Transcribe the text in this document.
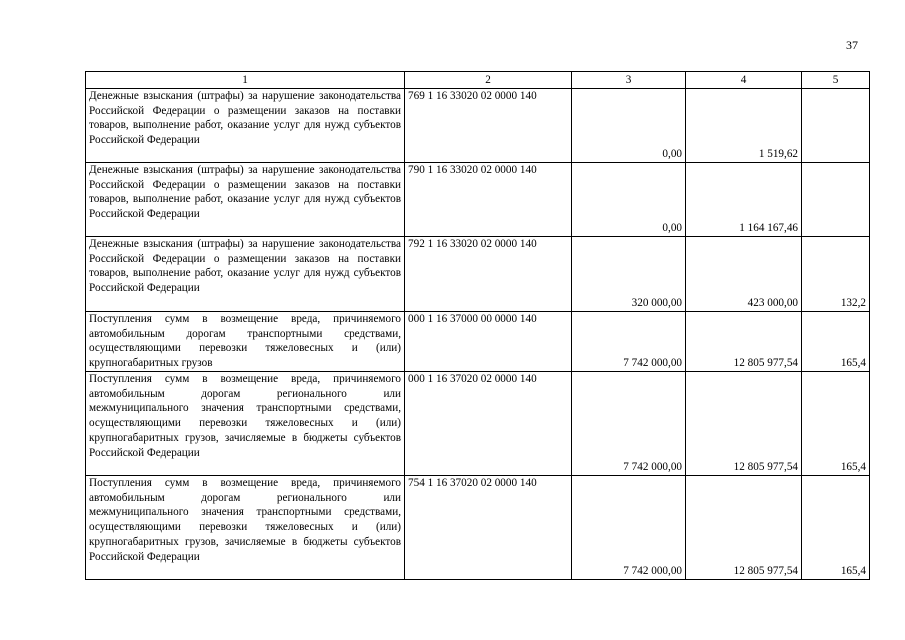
37
1	2	3	4	5
Денежные взыскания (штрафы) за нарушение законодательства Российской Федерации о размещении заказов на поставки товаров, выполнение работ, оказание услуг для нужд субъектов Российской Федерации	769 1 16 33020 02 0000 140	0,00	1 519,62	
Денежные взыскания (штрафы) за нарушение законодательства Российской Федерации о размещении заказов на поставки товаров, выполнение работ, оказание услуг для нужд субъектов Российской Федерации	790 1 16 33020 02 0000 140	0,00	1 164 167,46	
Денежные взыскания (штрафы) за нарушение законодательства Российской Федерации о размещении заказов на поставки товаров, выполнение работ, оказание услуг для нужд субъектов Российской Федерации	792 1 16 33020 02 0000 140	320 000,00	423 000,00	132,2
Поступления сумм в возмещение вреда, причиняемого автомобильным дорогам транспортными средствами, осуществляющими перевозки тяжеловесных и (или) крупногабаритных грузов	000 1 16 37000 00 0000 140	7 742 000,00	12 805 977,54	165,4
Поступления сумм в возмещение вреда, причиняемого автомобильным дорогам регионального или межмуниципального значения транспортными средствами, осуществляющими перевозки тяжеловесных и (или) крупногабаритных грузов, зачисляемые в бюджеты субъектов Российской Федерации	000 1 16 37020 02 0000 140	7 742 000,00	12 805 977,54	165,4
Поступления сумм в возмещение вреда, причиняемого автомобильным дорогам регионального или межмуниципального значения транспортными средствами, осуществляющими перевозки тяжеловесных и (или) крупногабаритных грузов, зачисляемые в бюджеты субъектов Российской Федерации	754 1 16 37020 02 0000 140	7 742 000,00	12 805 977,54	165,4
